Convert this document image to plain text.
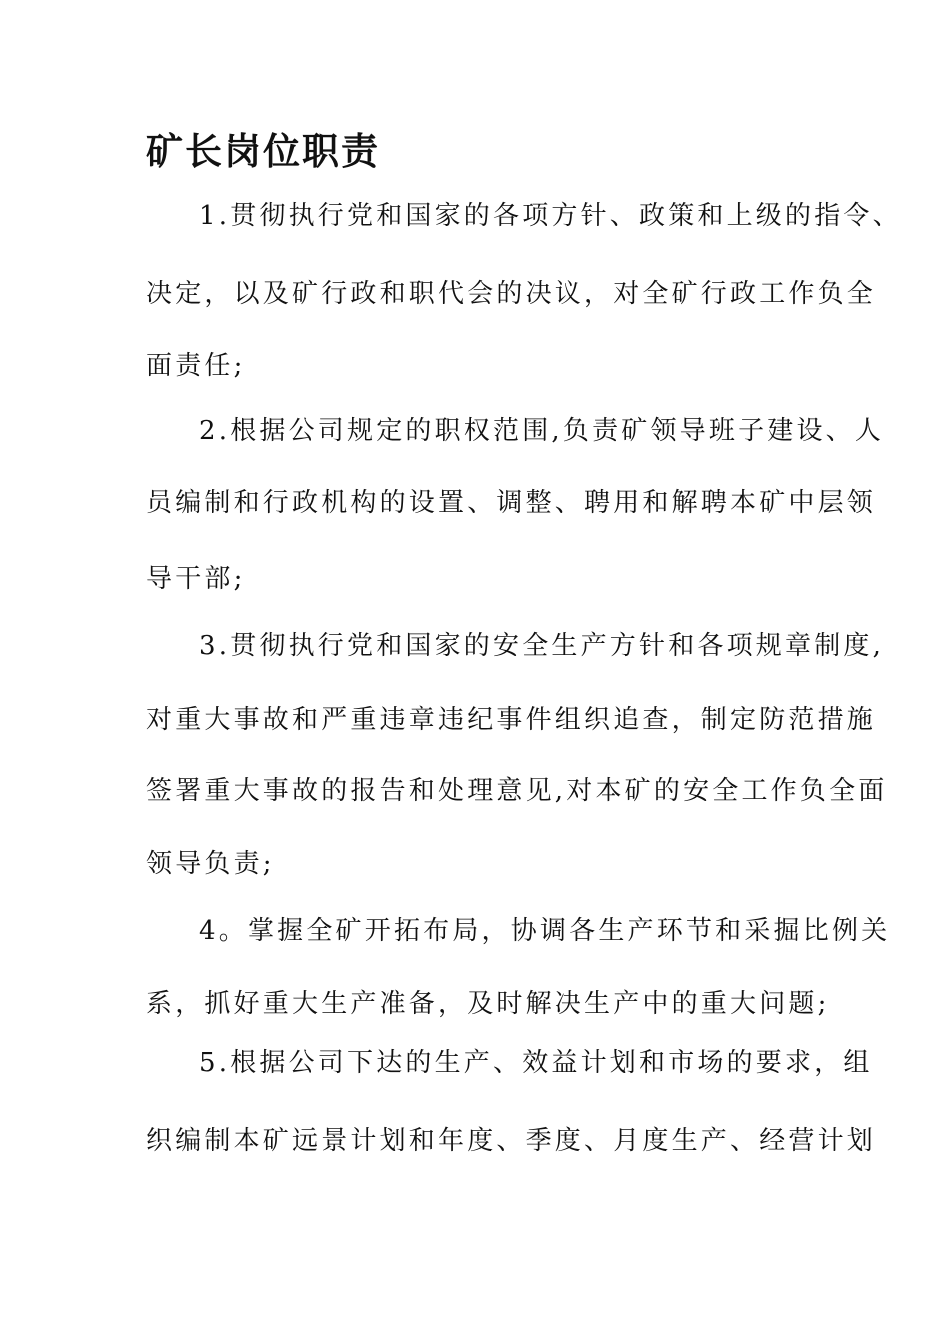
矿长岗位职责

1.贯彻执行党和国家的各项方针、政策和上级的指令、

决定，以及矿行政和职代会的决议，对全矿行政工作负全

面责任;

2.根据公司规定的职权范围,负责矿领导班子建设、人

员编制和行政机构的设置、调整、聘用和解聘本矿中层领

导干部;

3.贯彻执行党和国家的安全生产方针和各项规章制度,

对重大事故和严重违章违纪事件组织追查，制定防范措施

签署重大事故的报告和处理意见,对本矿的安全工作负全面

领导负责;

4。掌握全矿开拓布局，协调各生产环节和采掘比例关

系，抓好重大生产准备，及时解决生产中的重大问题;

5.根据公司下达的生产、效益计划和市场的要求，组

织编制本矿远景计划和年度、季度、月度生产、经营计划
